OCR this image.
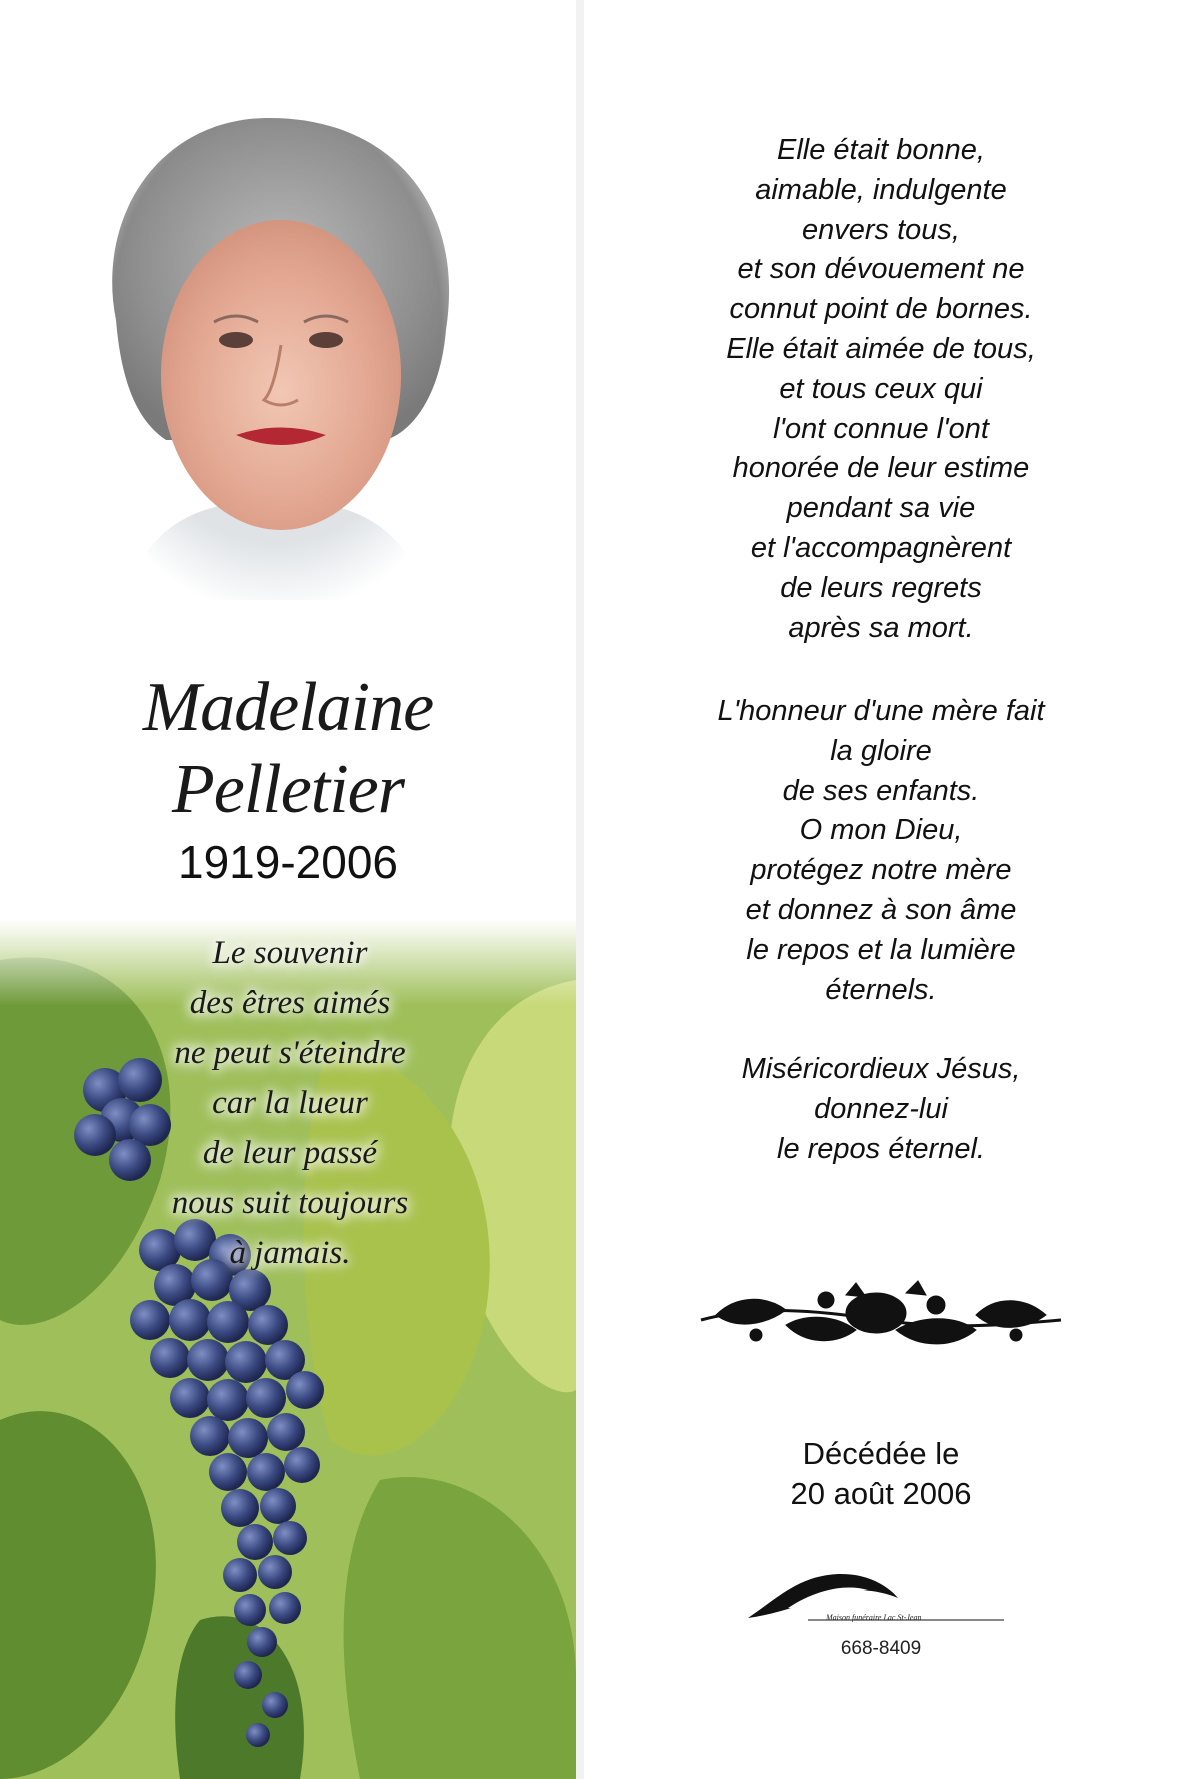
Madelaine
Pelletier
1919-2006
Le souvenir
des êtres aimés
ne peut s'éteindre
car la lueur
de leur passé
nous suit toujours
à jamais.
Elle était bonne,
aimable, indulgente
envers tous,
et son dévouement ne
connut point de bornes.
Elle était aimée de tous,
et tous ceux qui
l'ont connue l'ont
honorée de leur estime
pendant sa vie
et l'accompagnèrent
de leurs regrets
après sa mort.
L'honneur d'une mère fait
la gloire
de ses enfants.
O mon Dieu,
protégez notre mère
et donnez à son âme
le repos et la lumière
éternels.
Miséricordieux Jésus,
donnez-lui
le repos éternel.
Décédée le
20 août 2006
Maison funéraire Lac St-Jean
668-8409
